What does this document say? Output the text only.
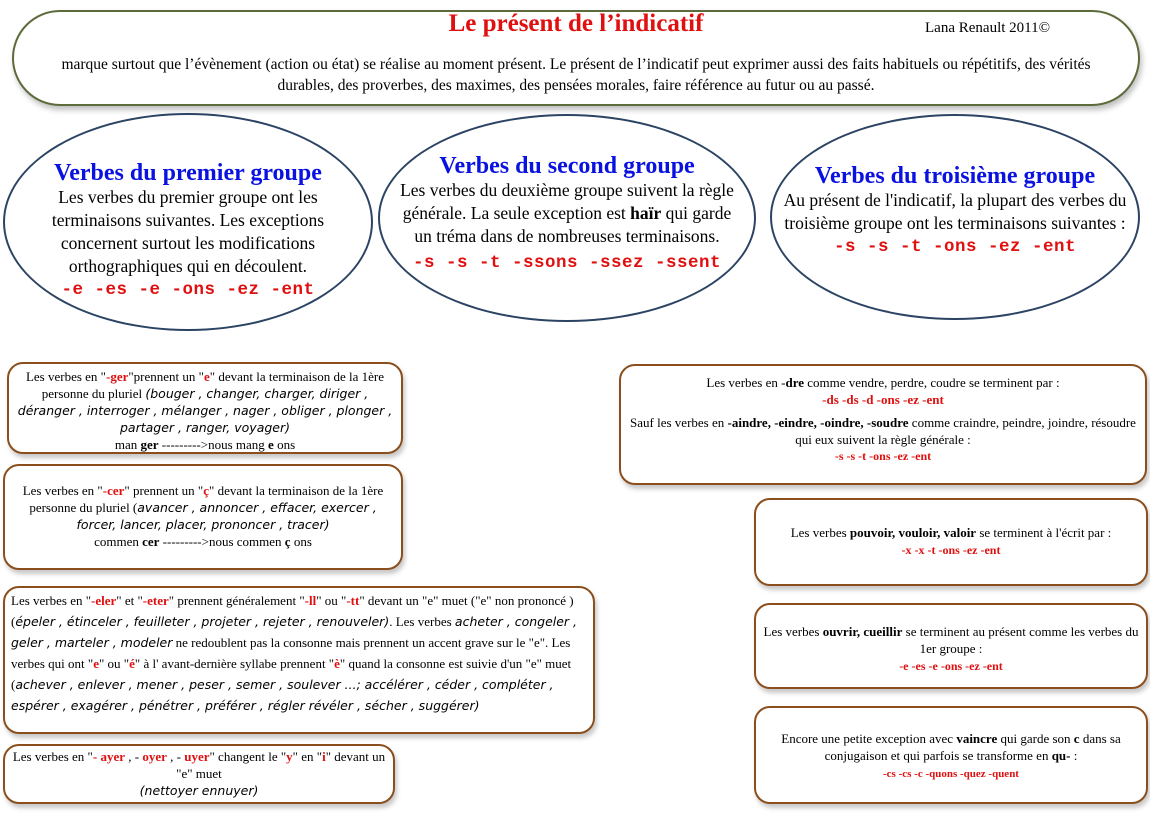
Le présent de l’indicatif	Lana Renault 2011©
marque surtout que l’évènement (action ou état) se réalise au moment présent. Le présent de l’indicatif peut exprimer aussi des faits habituels ou répétitifs, des vérités durables, des proverbes, des maximes, des pensées morales, faire référence au futur ou au passé.
Verbes du premier groupe
Les verbes du premier groupe ont les terminaisons suivantes. Les exceptions concernent surtout les modifications orthographiques qui en découlent.
-e -es -e -ons -ez -ent
Verbes du second groupe
Les verbes du deuxième groupe suivent la règle générale. La seule exception est haïr qui garde un tréma dans de nombreuses terminaisons.
-s -s -t -ssons -ssez -ssent
Verbes du troisième groupe
Au présent de l'indicatif, la plupart des verbes du troisième groupe ont les terminaisons suivantes :
-s -s -t -ons -ez -ent
Les verbes en "-ger"prennent un "e" devant la terminaison de la 1ère personne du pluriel (bouger , changer, charger, diriger , déranger , interroger , mélanger , nager , obliger , plonger , partager , ranger, voyager)
man ger --------->nous mang e ons
Les verbes en "-cer" prennent un "ç" devant la terminaison de la 1ère personne du pluriel (avancer , annoncer , effacer, exercer , forcer, lancer, placer, prononcer , tracer)
commen cer --------->nous commen ç ons
Les verbes en "-eler" et "-eter" prennent généralement "-ll" ou "-tt" devant un "e" muet ("e" non prononcé ) (épeler , étinceler , feuilleter , projeter , rejeter , renouveler). Les verbes acheter , congeler , geler , marteler , modeler ne redoublent pas la consonne mais prennent un accent grave sur le "e". Les verbes qui ont "e" ou "é" à l' avant-dernière syllabe prennent "è" quand la consonne est suivie d'un "e" muet (achever , enlever , mener , peser , semer , soulever ...; accélérer , céder , compléter , espérer , exagérer , pénétrer , préférer , régler révéler , sécher , suggérer)
Les verbes en "- ayer , - oyer , - uyer" changent le "y" en "i" devant un "e" muet
(nettoyer ennuyer)
Les verbes en -dre comme vendre, perdre, coudre se terminent par :
-ds -ds -d -ons -ez -ent
Sauf les verbes en -aindre, -eindre, -oindre, -soudre comme craindre, peindre, joindre, résoudre qui eux suivent la règle générale :
-s -s -t -ons -ez -ent
Les verbes pouvoir, vouloir, valoir se terminent à l'écrit par :
-x -x -t -ons -ez -ent
Les verbes ouvrir, cueillir se terminent au présent comme les verbes du 1er groupe :
-e -es -e -ons -ez -ent
Encore une petite exception avec vaincre qui garde son c dans sa conjugaison et qui parfois se transforme en qu- :
-cs -cs -c -quons -quez -quent
